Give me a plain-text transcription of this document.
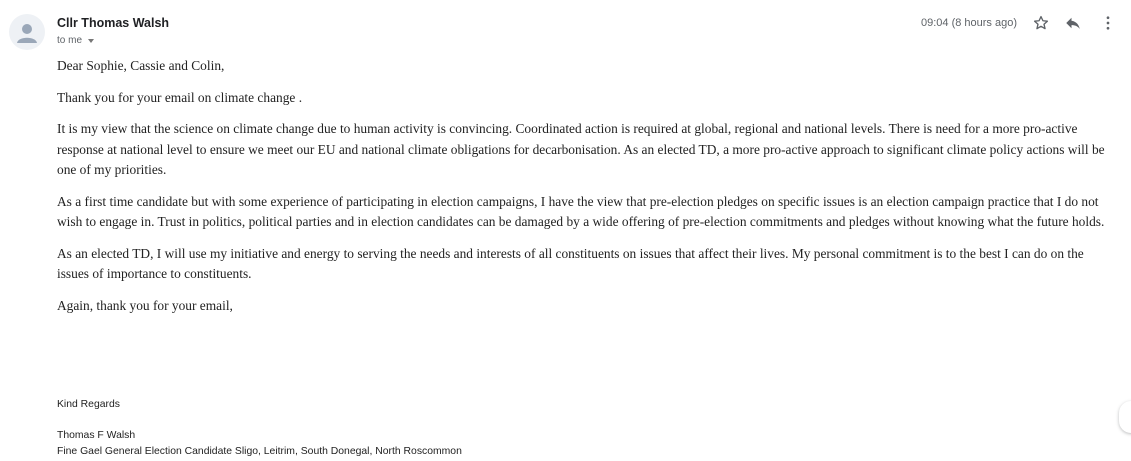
Cllr Thomas Walsh
to me
09:04 (8 hours ago)

Dear Sophie, Cassie and Colin,

Thank you for your email on climate change .

It is my view that the science on climate change due to human activity is convincing. Coordinated action is required at global, regional and national levels. There is need for a more pro-active response at national level to ensure we meet our EU and national climate obligations for decarbonisation. As an elected TD, a more pro-active approach to significant climate policy actions will be one of my priorities.

As a first time candidate but with some experience of participating in election campaigns, I have the view that pre-election pledges on specific issues is an election campaign practice that I do not wish to engage in. Trust in politics, political parties and in election candidates can be damaged by a wide offering of pre-election commitments and pledges without knowing what the future holds.

As an elected TD, I will use my initiative and energy to serving the needs and interests of all constituents on issues that affect their lives. My personal commitment is to the best I can do on the issues of importance to constituents.

Again, thank you for your email,

Kind Regards
Thomas F Walsh
Fine Gael General Election Candidate Sligo, Leitrim, South Donegal, North Roscommon
